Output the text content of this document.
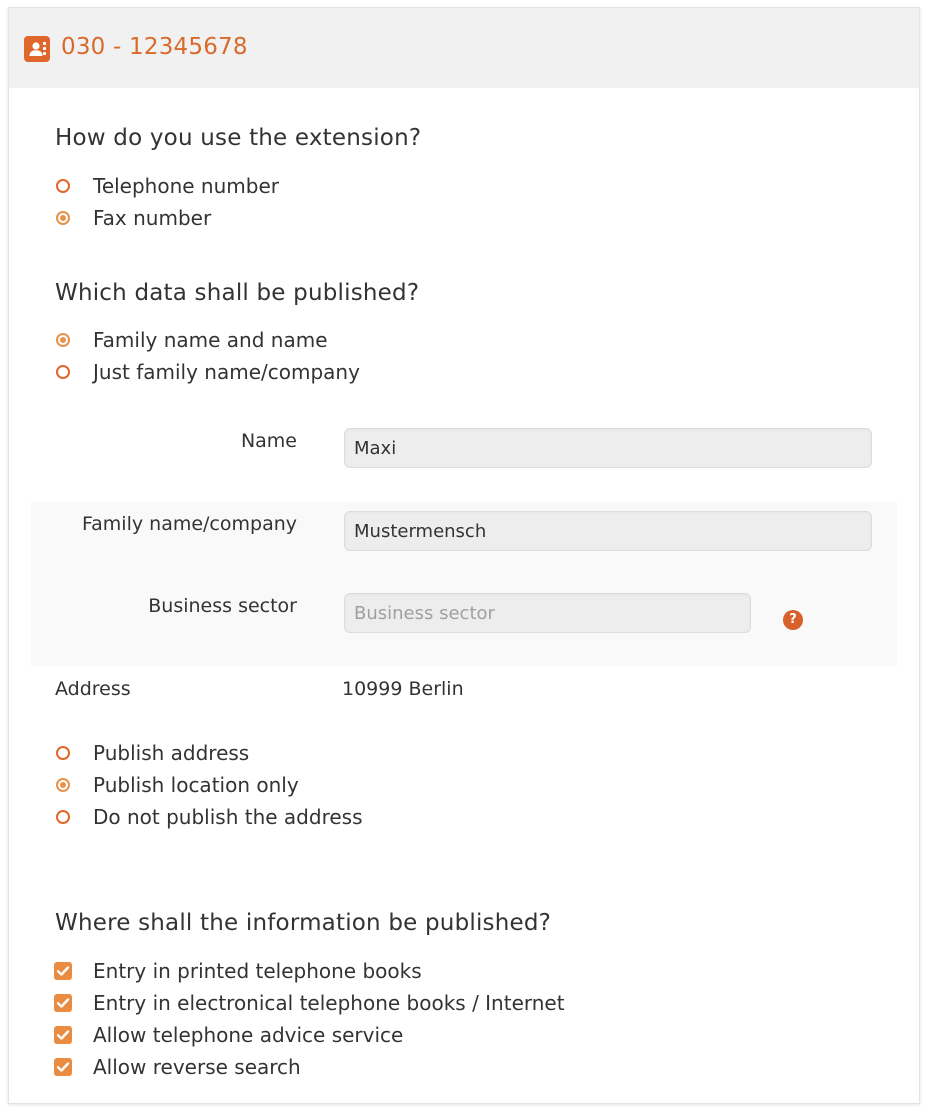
030 - 12345678
How do you use the extension?
Telephone number
Fax number
Which data shall be published?
Family name and name
Just family name/company
Name
Maxi
Family name/company
Mustermensch
Business sector
Business sector
?
Address	10999 Berlin
Publish address
Publish location only
Do not publish the address
Where shall the information be published?
Entry in printed telephone books
Entry in electronical telephone books / Internet
Allow telephone advice service
Allow reverse search
